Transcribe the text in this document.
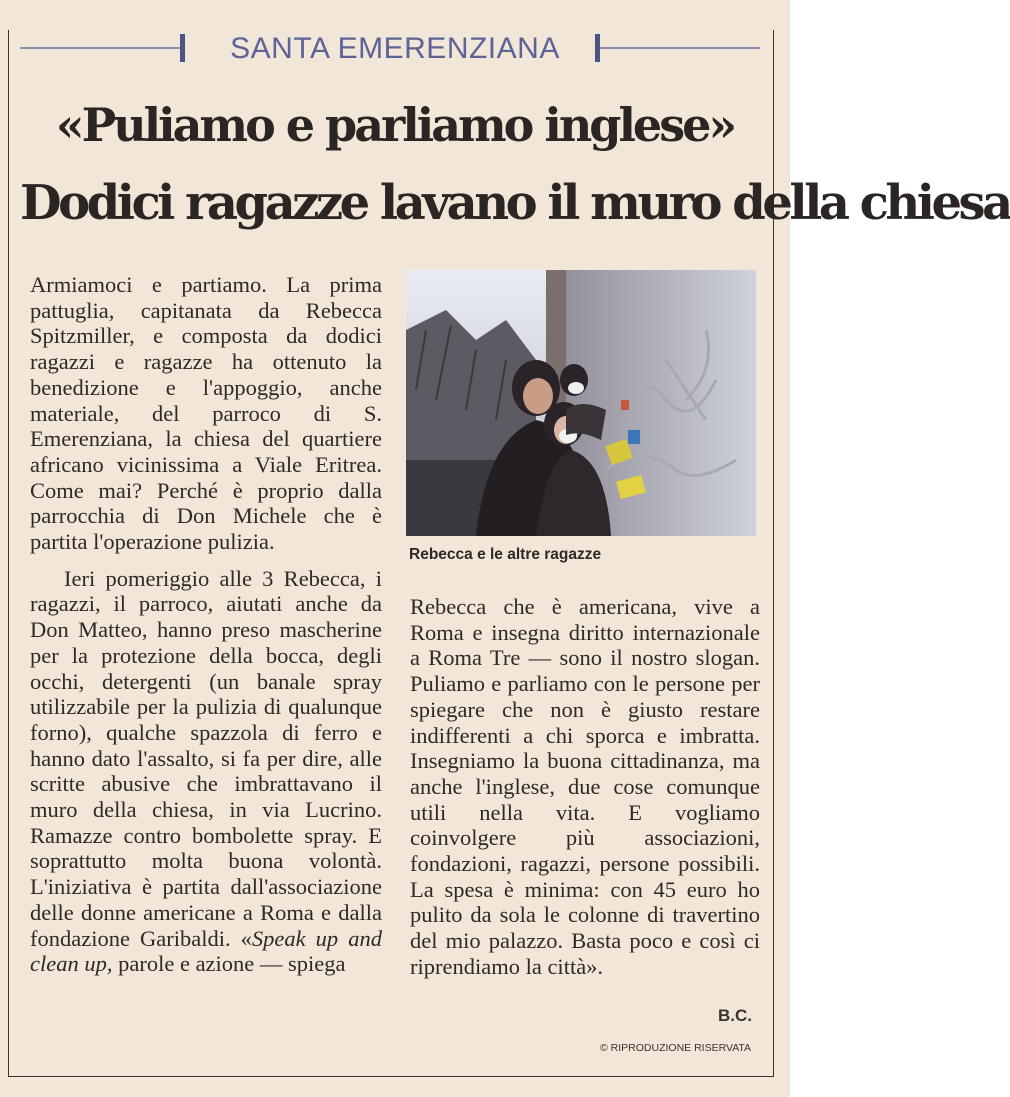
SANTA EMERENZIANA
«Puliamo e parliamo inglese»
Dodici ragazze lavano il muro della chiesa

Armiamoci e partiamo. La prima pattuglia, capitanata da Rebecca Spitzmiller, e composta da dodici ragazzi e ragazze ha ottenuto la benedizione e l'appoggio, anche materiale, del parroco di S. Emerenziana, la chiesa del quartiere africano vicinissima a Viale Eritrea. Come mai? Perché è proprio dalla parrocchia di Don Michele che è partita l'operazione pulizia.

Ieri pomeriggio alle 3 Rebecca, i ragazzi, il parroco, aiutati anche da Don Matteo, hanno preso mascherine per la protezione della bocca, degli occhi, detergenti (un banale spray utilizzabile per la pulizia di qualunque forno), qualche spazzola di ferro e hanno dato l'assalto, si fa per dire, alle scritte abusive che imbrattavano il muro della chiesa, in via Lucrino. Ramazze contro bombolette spray. E soprattutto molta buona volontà. L'iniziativa è partita dall'associazione delle donne americane a Roma e dalla fondazione Garibaldi. «Speak up and clean up, parole e azione — spiega

Rebecca e le altre ragazze

Rebecca che è americana, vive a Roma e insegna diritto internazionale a Roma Tre — sono il nostro slogan. Puliamo e parliamo con le persone per spiegare che non è giusto restare indifferenti a chi sporca e imbratta. Insegniamo la buona cittadinanza, ma anche l'inglese, due cose comunque utili nella vita. E vogliamo coinvolgere più associazioni, fondazioni, ragazzi, persone possibili. La spesa è minima: con 45 euro ho pulito da sola le colonne di travertino del mio palazzo. Basta poco e così ci riprendiamo la città».

B.C.
© RIPRODUZIONE RISERVATA
